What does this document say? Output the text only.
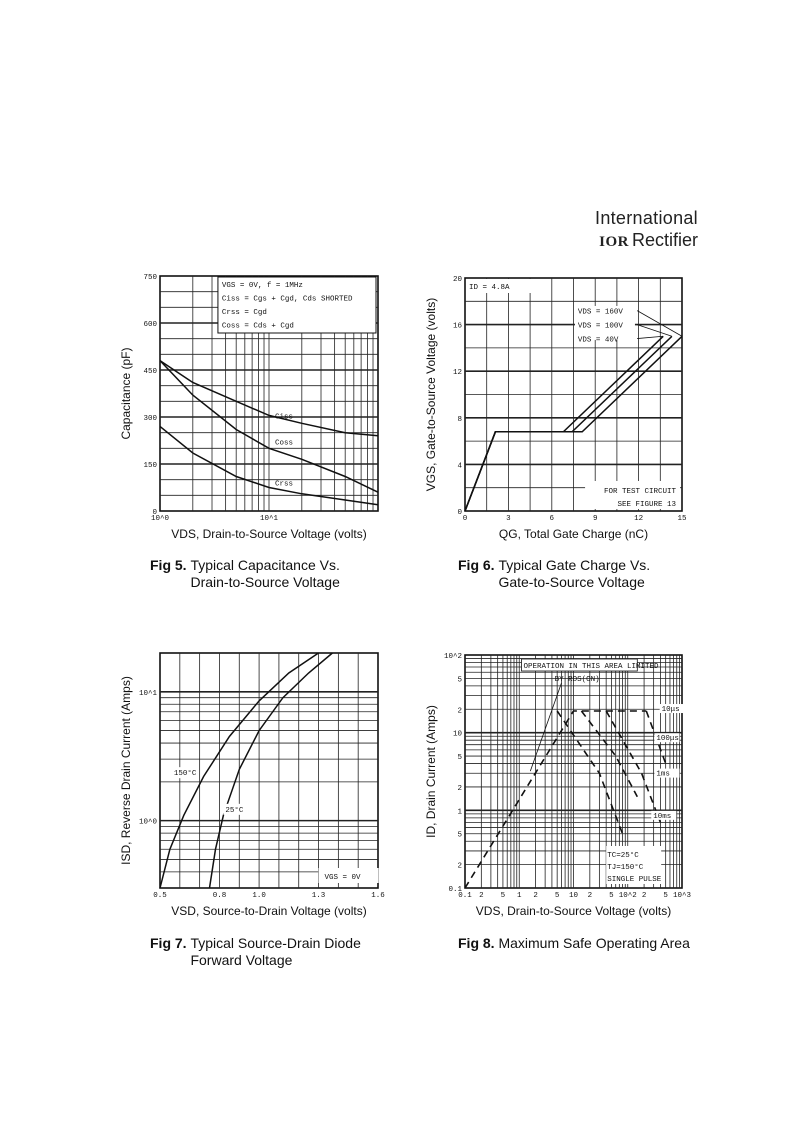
International
IOR Rectifier
VGS = 0V, f = 1MHz
Ciss = Cgs + Cgd, Cds SHORTED
Crss = Cgd
Coss = Cds + Cgd
Ciss
Coss
Crss
0
150
300
450
600
750
10^0	10^1
VDS, Drain-to-Source Voltage (volts)
Capacitance (pF)
ID = 4.8A
FOR TEST CIRCUIT
SEE FIGURE 13
VDS = 160V
VDS = 100V
VDS = 40V
0
4
8
12
16
20
0	3	6	9	12	15
QG, Total Gate Charge (nC)
VGS, Gate-to-Source Voltage (volts)
VGS = 0V
150°C
25°C
10^0
10^1
0.5	0.8	1.0	1.3	1.6
VSD, Source-to-Drain Voltage (volts)
ISD, Reverse Drain Current (Amps)
OPERATION IN THIS AREA LIMITED
BY RDS(ON)
TC=25°C
TJ=150°C
SINGLE PULSE
10μs
100μs
1ms
10ms
0.1
2
5
1
2
5
10
2
5
10^2
0.1 2 5 1 2 5 10 2 5 10^2 2 5 10^3
VDS, Drain-to-Source Voltage (volts)
ID, Drain Current (Amps)
Fig 5. Typical Capacitance Vs.
Drain-to-Source Voltage
Fig 6. Typical Gate Charge Vs.
Gate-to-Source Voltage
Fig 7. Typical Source-Drain Diode
Forward Voltage
Fig 8. Maximum Safe Operating Area
